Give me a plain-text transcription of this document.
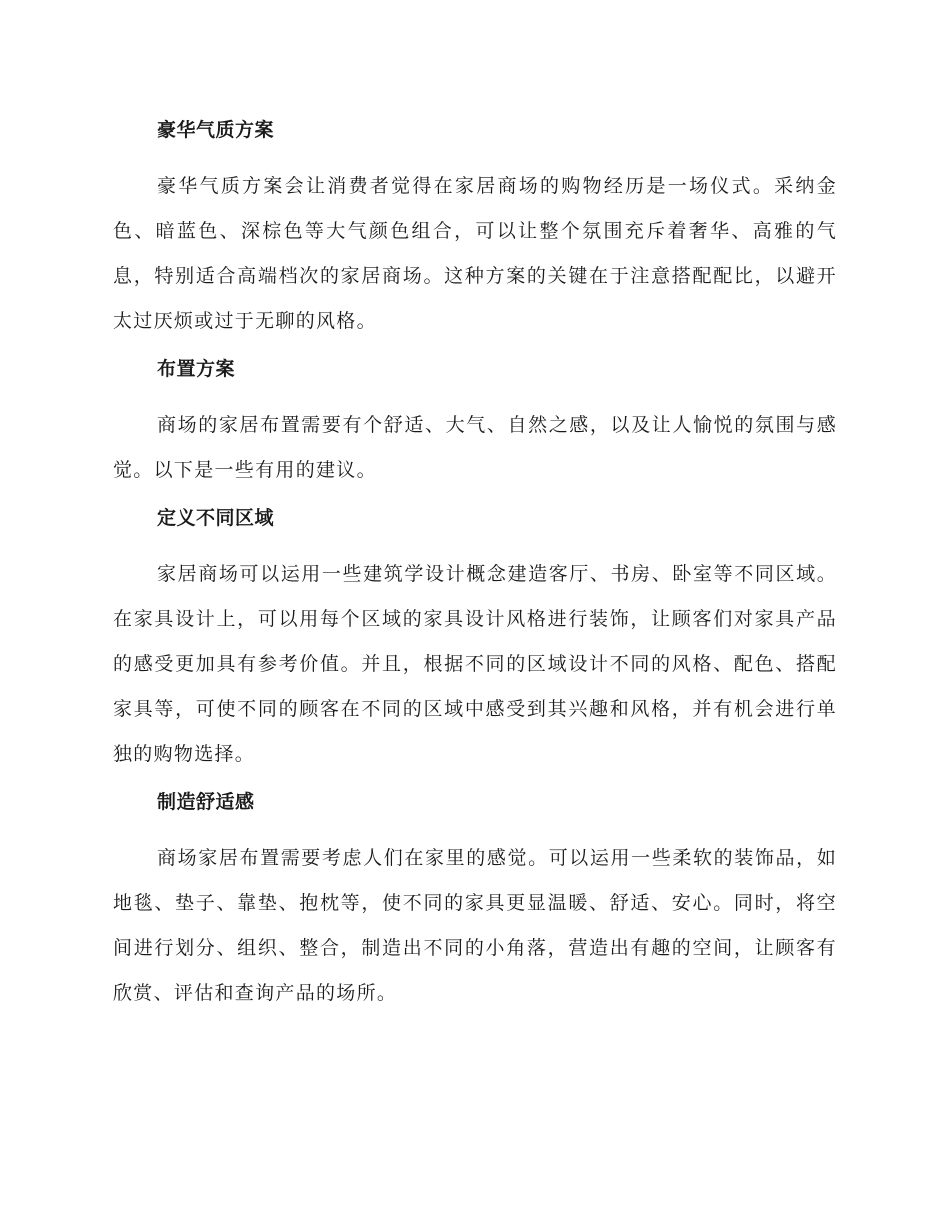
豪华气质方案

豪华气质方案会让消费者觉得在家居商场的购物经历是一场仪式。采纳金色、暗蓝色、深棕色等大气颜色组合，可以让整个氛围充斥着奢华、高雅的气息，特别适合高端档次的家居商场。这种方案的关键在于注意搭配配比，以避开太过厌烦或过于无聊的风格。

布置方案

商场的家居布置需要有个舒适、大气、自然之感，以及让人愉悦的氛围与感觉。以下是一些有用的建议。

定义不同区域

家居商场可以运用一些建筑学设计概念建造客厅、书房、卧室等不同区域。 在家具设计上，可以用每个区域的家具设计风格进行装饰，让顾客们对家具产品的感受更加具有参考价值。并且，根据不同的区域设计不同的风格、配色、搭配家具等，可使不同的顾客在不同的区域中感受到其兴趣和风格，并有机会进行单独的购物选择。

制造舒适感

商场家居布置需要考虑人们在家里的感觉。可以运用一些柔软的装饰品，如地毯、垫子、靠垫、抱枕等，使不同的家具更显温暖、舒适、安心。同时，将空间进行划分、组织、整合，制造出不同的小角落，营造出有趣的空间，让顾客有欣赏、评估和查询产品的场所。
